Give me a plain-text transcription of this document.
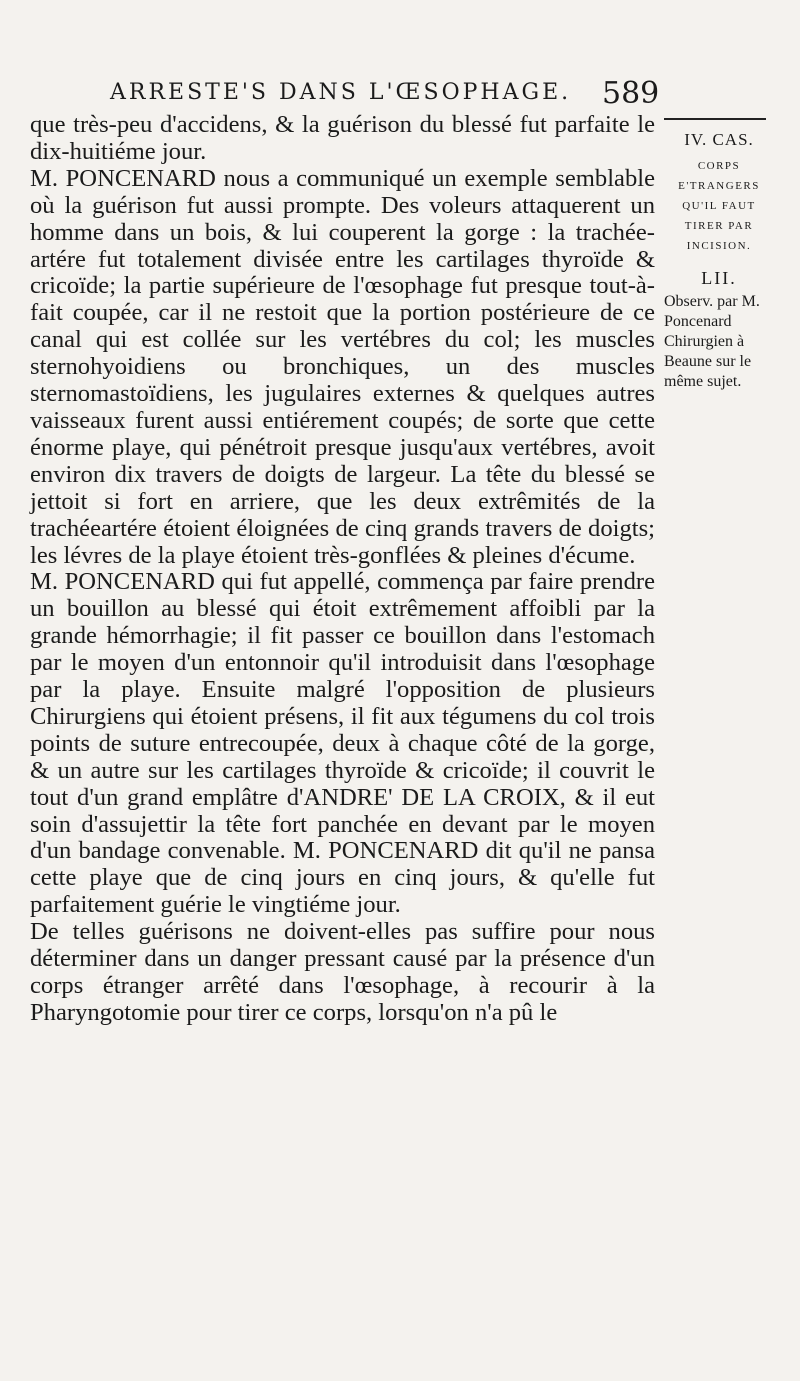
ARRESTE'S DANS L'ŒSOPHAGE.	589

que très-peu d'accidens, & la guérison du blessé fut parfaite le dix-huitiéme jour.

M. PONCENARD nous a communiqué un exemple semblable où la guérison fut aussi prompte. Des voleurs attaquerent un homme dans un bois, & lui couperent la gorge : la trachée-artére fut totalement divisée entre les cartilages thyroïde & cricoïde; la partie supérieure de l'œsophage fut presque tout-à-fait coupée, car il ne restoit que la portion postérieure de ce canal qui est collée sur les vertébres du col; les muscles sternohyoidiens ou bronchiques, un des muscles sternomastoïdiens, les jugulaires externes & quelques autres vaisseaux furent aussi entiérement coupés; de sorte que cette énorme playe, qui pénétroit presque jusqu'aux vertébres, avoit environ dix travers de doigts de largeur. La tête du blessé se jettoit si fort en arriere, que les deux extrêmités de la trachéeartére étoient éloignées de cinq grands travers de doigts; les lévres de la playe étoient très-gonflées & pleines d'écume.

M. PONCENARD qui fut appellé, commença par faire prendre un bouillon au blessé qui étoit extrêmement affoibli par la grande hémorrhagie; il fit passer ce bouillon dans l'estomach par le moyen d'un entonnoir qu'il introduisit dans l'œsophage par la playe. Ensuite malgré l'opposition de plusieurs Chirurgiens qui étoient présens, il fit aux tégumens du col trois points de suture entrecoupée, deux à chaque côté de la gorge, & un autre sur les cartilages thyroïde & cricoïde; il couvrit le tout d'un grand emplâtre d'ANDRE' DE LA CROIX, & il eut soin d'assujettir la tête fort panchée en devant par le moyen d'un bandage convenable. M. PONCENARD dit qu'il ne pansa cette playe que de cinq jours en cinq jours, & qu'elle fut parfaitement guérie le vingtiéme jour.

De telles guérisons ne doivent-elles pas suffire pour nous déterminer dans un danger pressant causé par la présence d'un corps étranger arrêté dans l'œsophage, à recourir à la Pharyngotomie pour tirer ce corps, lorsqu'on n'a pû le

IV. CAS.
CORPS E'TRANGERS QU'IL FAUT TIRER PAR INCISION.
LII.
Observ. par M. Poncenard Chirurgien à Beaune sur le même sujet.
